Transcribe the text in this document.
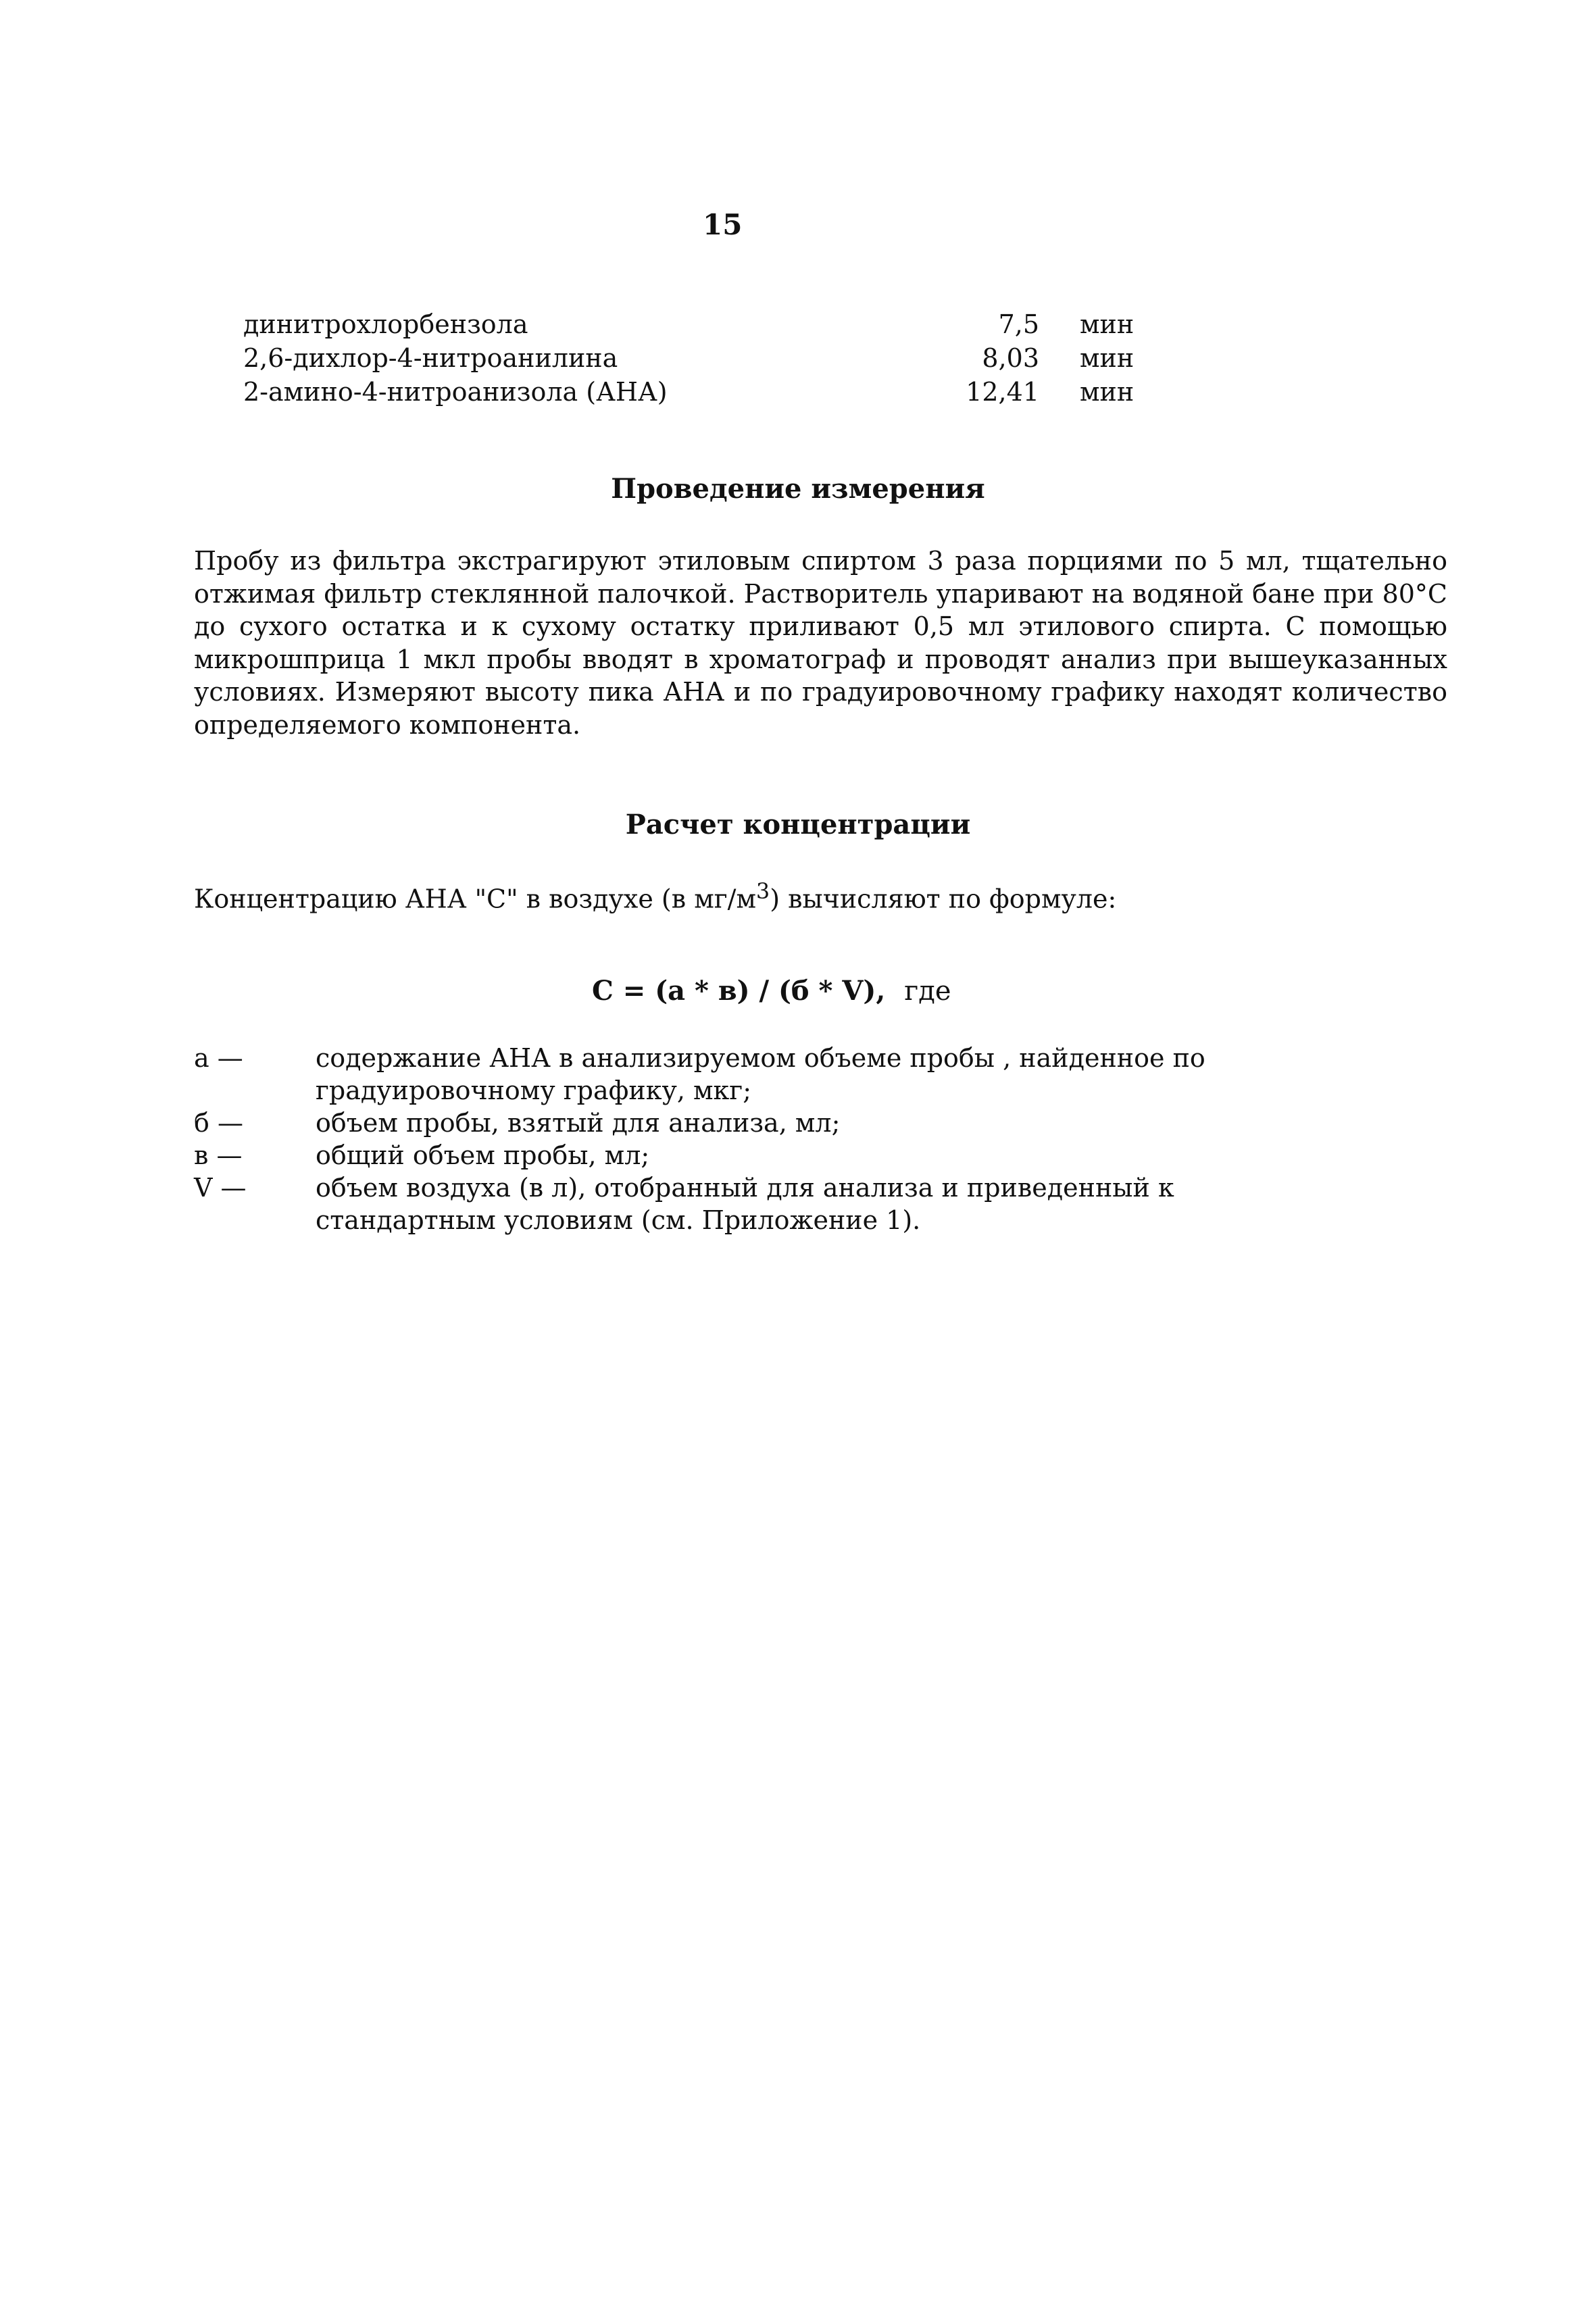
15
динитрохлорбензола	7,5	мин
2,6-дихлор-4-нитроанилина	8,03	мин
2-амино-4-нитроанизола (АНА)	12,41	мин
Проведение измерения
Пробу из фильтра экстрагируют этиловым спиртом 3 раза порциями по 5 мл, тщательно отжимая фильтр стеклянной палочкой. Растворитель упаривают на водяной бане при 80°С до сухого остатка и к сухому остатку приливают 0,5 мл этилового спирта. С помощью микрошприца 1 мкл пробы вводят в хроматограф и проводят анализ при вышеуказанных условиях. Измеряют высоту пика АНА и по градуировочному графику находят количество определяемого компонента.
Расчет концентрации
Концентрацию АНА "С" в воздухе (в $мг/м^3$) вычисляют по формуле:
С = (а * в) / (б * V), где
а —	содержание АНА в анализируемом объеме пробы , найденное по градуировочному графику, мкг;
б —	объем пробы, взятый для анализа, мл;
в —	общий объем пробы, мл;
V —	объем воздуха (в л), отобранный для анализа и приведенный к стандартным условиям (см. Приложение 1).
